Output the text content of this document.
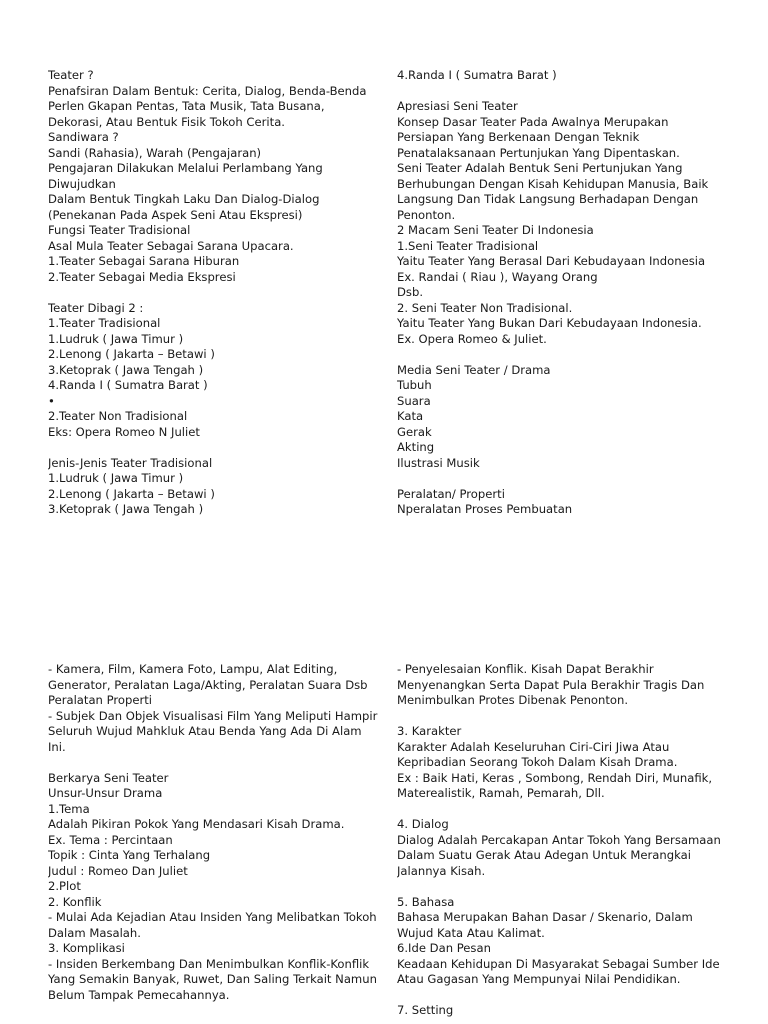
Teater ?
Penafsiran Dalam Bentuk: Cerita, Dialog, Benda-Benda
Perlen Gkapan Pentas, Tata Musik, Tata Busana,
Dekorasi, Atau Bentuk Fisik Tokoh Cerita.
Sandiwara ?
Sandi (Rahasia), Warah (Pengajaran)
Pengajaran Dilakukan Melalui Perlambang Yang
Diwujudkan
Dalam Bentuk Tingkah Laku Dan Dialog-Dialog
(Penekanan Pada Aspek Seni Atau Ekspresi)
Fungsi Teater Tradisional
Asal Mula Teater Sebagai Sarana Upacara.
1.Teater Sebagai Sarana Hiburan
2.Teater Sebagai Media Ekspresi
Teater Dibagi 2 :
1.Teater Tradisional
1.Ludruk ( Jawa Timur )
2.Lenong ( Jakarta – Betawi )
3.Ketoprak ( Jawa Tengah )
4.Randa I ( Sumatra Barat )
•
2.Teater Non Tradisional
Eks: Opera Romeo N Juliet
Jenis-Jenis Teater Tradisional
1.Ludruk ( Jawa Timur )
2.Lenong ( Jakarta – Betawi )
3.Ketoprak ( Jawa Tengah )
4.Randa I ( Sumatra Barat )
Apresiasi Seni Teater
Konsep Dasar Teater Pada Awalnya Merupakan
Persiapan Yang Berkenaan Dengan Teknik
Penatalaksanaan Pertunjukan Yang Dipentaskan.
Seni Teater Adalah Bentuk Seni Pertunjukan Yang
Berhubungan Dengan Kisah Kehidupan Manusia, Baik
Langsung Dan Tidak Langsung Berhadapan Dengan
Penonton.
2 Macam Seni Teater Di Indonesia
1.Seni Teater Tradisional
Yaitu Teater Yang Berasal Dari Kebudayaan Indonesia
Ex. Randai ( Riau ), Wayang Orang
Dsb.
2. Seni Teater Non Tradisional.
Yaitu Teater Yang Bukan Dari Kebudayaan Indonesia.
Ex. Opera Romeo & Juliet.
Media Seni Teater / Drama
Tubuh
Suara
Kata
Gerak
Akting
Ilustrasi Musik
Peralatan/ Properti
Nperalatan Proses Pembuatan
- Kamera, Film, Kamera Foto, Lampu, Alat Editing,
Generator, Peralatan Laga/Akting, Peralatan Suara Dsb
Peralatan Properti
- Subjek Dan Objek Visualisasi Film Yang Meliputi Hampir
Seluruh Wujud Mahkluk Atau Benda Yang Ada Di Alam
Ini.
Berkarya Seni Teater
Unsur-Unsur Drama
1.Tema
Adalah Pikiran Pokok Yang Mendasari Kisah Drama.
Ex. Tema : Percintaan
Topik : Cinta Yang Terhalang
Judul : Romeo Dan Juliet
2.Plot
2. Konflik
- Mulai Ada Kejadian Atau Insiden Yang Melibatkan Tokoh
Dalam Masalah.
3. Komplikasi
- Insiden Berkembang Dan Menimbulkan Konflik-Konflik
Yang Semakin Banyak, Ruwet, Dan Saling Terkait Namun
Belum Tampak Pemecahannya.
- Penyelesaian Konflik. Kisah Dapat Berakhir
Menyenangkan Serta Dapat Pula Berakhir Tragis Dan
Menimbulkan Protes Dibenak Penonton.
3. Karakter
Karakter Adalah Keseluruhan Ciri-Ciri Jiwa Atau
Kepribadian Seorang Tokoh Dalam Kisah Drama.
Ex : Baik Hati, Keras , Sombong, Rendah Diri, Munafik,
Materealistik, Ramah, Pemarah, Dll.
4. Dialog
Dialog Adalah Percakapan Antar Tokoh Yang Bersamaan
Dalam Suatu Gerak Atau Adegan Untuk Merangkai
Jalannya Kisah.
5. Bahasa
Bahasa Merupakan Bahan Dasar / Skenario, Dalam
Wujud Kata Atau Kalimat.
6.Ide Dan Pesan
Keadaan Kehidupan Di Masyarakat Sebagai Sumber Ide
Atau Gagasan Yang Mempunyai Nilai Pendidikan.
7. Setting
